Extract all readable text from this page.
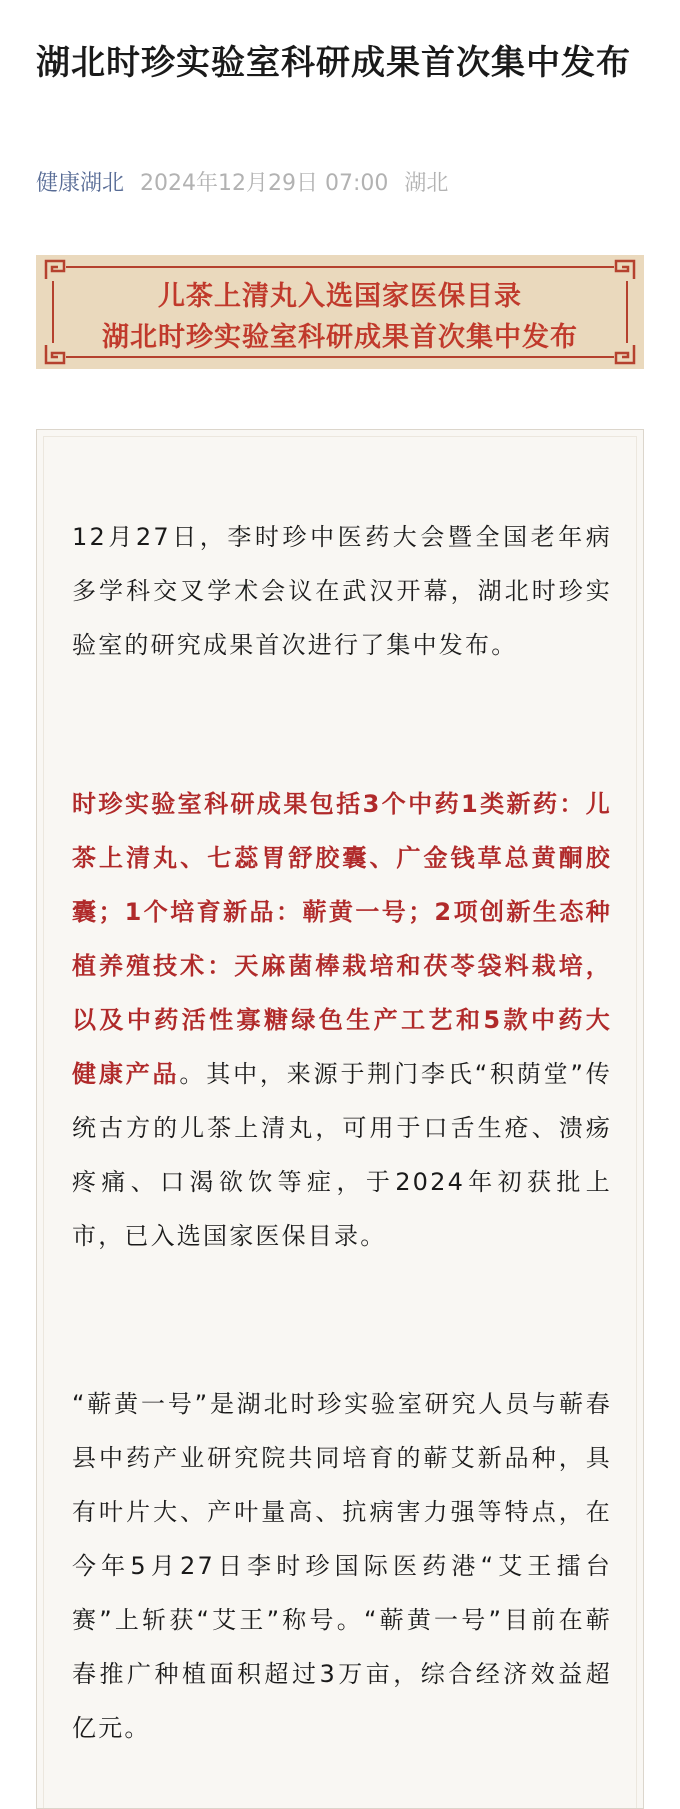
湖北时珍实验室科研成果首次集中发布
健康湖北 2024年12月29日 07:00 湖北
儿茶上清丸入选国家医保目录
湖北时珍实验室科研成果首次集中发布

12月27日，李时珍中医药大会暨全国老年病多学科交叉学术会议在武汉开幕，湖北时珍实验室的研究成果首次进行了集中发布。

时珍实验室科研成果包括3个中药1类新药：儿茶上清丸、七蕊胃舒胶囊、广金钱草总黄酮胶囊；1个培育新品：蕲黄一号；2项创新生态种植养殖技术：天麻菌棒栽培和茯苓袋料栽培，以及中药活性寡糖绿色生产工艺和5款中药大健康产品。其中，来源于荆门李氏“积荫堂”传统古方的儿茶上清丸，可用于口舌生疮、溃疡疼痛、口渴欲饮等症，于2024年初获批上市，已入选国家医保目录。

“蕲黄一号”是湖北时珍实验室研究人员与蕲春县中药产业研究院共同培育的蕲艾新品种，具有叶片大、产叶量高、抗病害力强等特点，在今年5月27日李时珍国际医药港“艾王擂台赛”上斩获“艾王”称号。“蕲黄一号”目前在蕲春推广种植面积超过3万亩，综合经济效益超亿元。
